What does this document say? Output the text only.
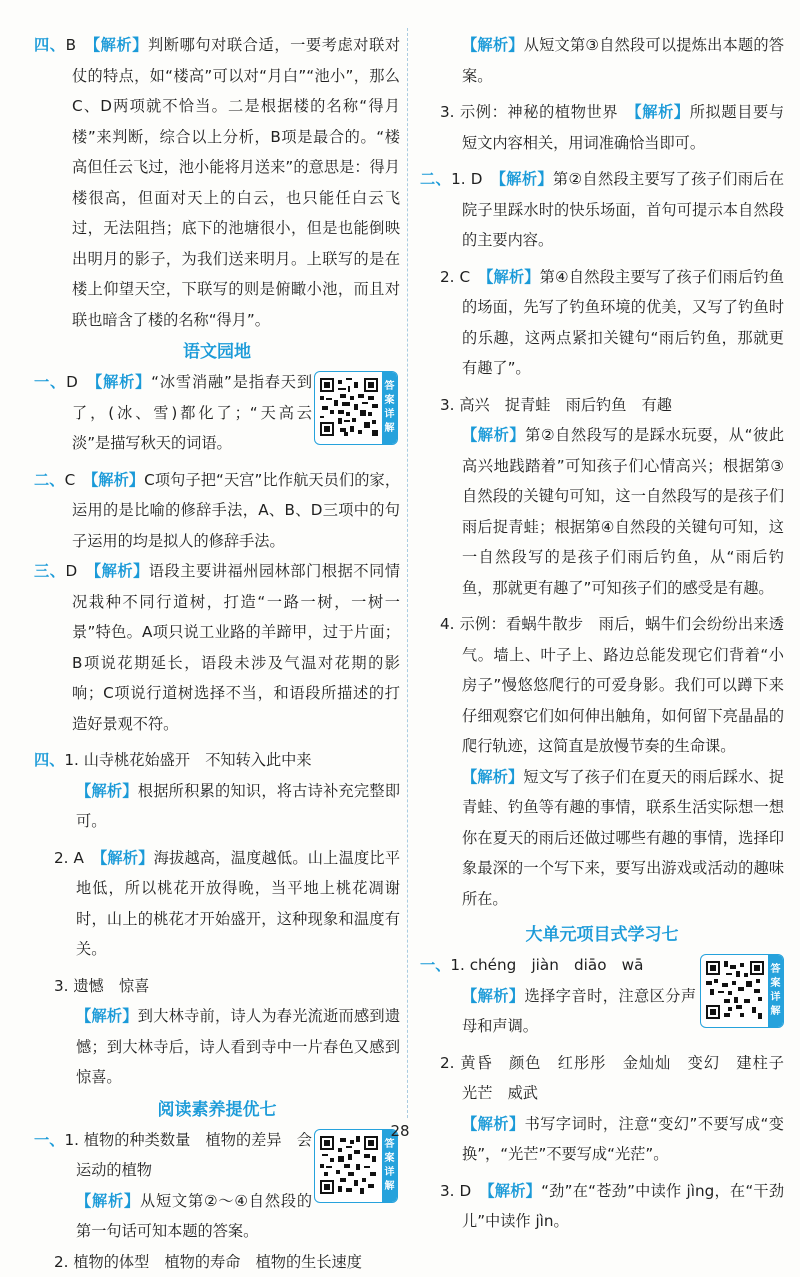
四、B　 【 解析 】 判断哪句对联合适，一要考虑对联对仗的特点，如“楼高”可以对“月白”“池小”，那么C、D两项就不恰当。二是根据楼的名称“得月楼”来判断，综合以上分析，B项是最合的。“楼高但任云飞过，池小能将月送来”的意思是：得月楼很高，但面对天上的白云，也只能任白云飞过，无法阻挡；底下的池塘很小，但是也能倒映出明月的影子，为我们送来明月。上联写的是在楼上仰望天空，下联写的则是俯瞰小池，而且对联也暗含了楼的名称“得月”。

语文园地
答
案
详
解

一、D　 【 解析 】 “冰雪消融”是指春天到了，(冰、雪)都化了；“天高云淡”是描写秋天的词语。

二、C　 【 解析 】 C项句子把“天宫”比作航天员们的家，运用的是比喻的修辞手法，A、B、D三项中的句子运用的均是拟人的修辞手法。

三、D　 【 解析 】 语段主要讲福州园林部门根据不同情况栽种不同行道树，打造“一路一树，一树一景”特色。A项只说工业路的羊蹄甲，过于片面；B项说花期延长，语段未涉及气温对花期的影响；C项说行道树选择不当，和语段所描述的打造好景观不符。

四、1. 山寺桃花始盛开　不知转入此中来

【 解析 】 根据所积累的知识，将古诗补充完整即可。

2. A　 【 解析 】 海拔越高，温度越低。山上温度比平地低，所以桃花开放得晚，当平地上桃花凋谢时，山上的桃花才开始盛开，这种现象和温度有关。

3. 遗憾　惊喜

【 解析 】 到大林寺前，诗人为春光流逝而感到遗憾；到大林寺后，诗人看到寺中一片春色又感到惊喜。

阅读素养提优七
答
案
详
解

一、1. 植物的种类数量　植物的差异　会运动的植物

【 解析 】 从短文第②～④自然段的第一句话可知本题的答案。

2. 植物的体型　植物的寿命　植物的生长速度

【 解析 】 从短文第③自然段可以提炼出本题的答案。

3. 示例：神秘的植物世界　 【 解析 】 所拟题目要与短文内容相关，用词准确恰当即可。

二、1. D　 【 解析 】 第②自然段主要写了孩子们雨后在院子里踩水时的快乐场面，首句可提示本自然段的主要内容。

2. C　 【 解析 】 第④自然段主要写了孩子们雨后钓鱼的场面，先写了钓鱼环境的优美，又写了钓鱼时的乐趣，这两点紧扣关键句“雨后钓鱼，那就更有趣了”。

3. 高兴　捉青蛙　雨后钓鱼　有趣

【 解析 】 第②自然段写的是踩水玩耍，从“彼此高兴地践踏着”可知孩子们心情高兴；根据第③自然段的关键句可知，这一自然段写的是孩子们雨后捉青蛙；根据第④自然段的关键句可知，这一自然段写的是孩子们雨后钓鱼，从“雨后钓鱼，那就更有趣了”可知孩子们的感受是有趣。

4. 示例：看蜗牛散步　雨后，蜗牛们会纷纷出来透气。墙上、叶子上、路边总能发现它们背着“小房子”慢悠悠爬行的可爱身影。我们可以蹲下来仔细观察它们如何伸出触角，如何留下亮晶晶的爬行轨迹，这简直是放慢节奏的生命课。

【 解析 】 短文写了孩子们在夏天的雨后踩水、捉青蛙、钓鱼等有趣的事情，联系生活实际想一想你在夏天的雨后还做过哪些有趣的事情，选择印象最深的一个写下来，要写出游戏或活动的趣味所在。

大单元项目式学习七
答
案
详
解

一、1. chéng　jiàn　diāo　wā

【 解析 】 选择字音时，注意区分声母和声调。

2. 黄昏　颜色　红彤彤　金灿灿　变幻　建柱子　光芒　威武

【 解析 】 书写字词时，注意“变幻”不要写成“变换”，“光芒”不要写成“光茫”。

3. D　 【 解析 】 “劲”在“苍劲”中读作 jìng，在“干劲儿”中读作 jìn。

28
